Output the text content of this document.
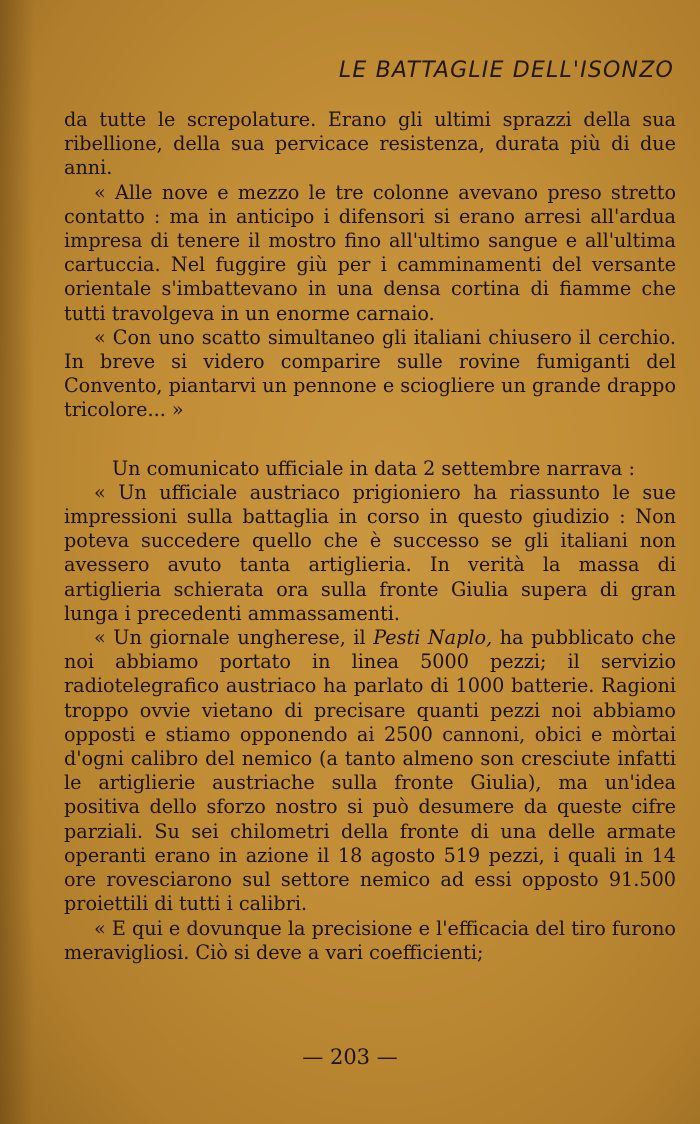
LE BATTAGLIE DELL'ISONZO

da tutte le screpolature. Erano gli ultimi sprazzi della sua ribellione, della sua pervicace resistenza, durata più di due anni.

« Alle nove e mezzo le tre colonne avevano preso stretto contatto : ma in anticipo i difensori si erano arresi all'ardua impresa di tenere il mostro fino all'ultimo sangue e all'ultima cartuccia. Nel fuggire giù per i camminamenti del versante orientale s'imbattevano in una densa cortina di fiamme che tutti travolgeva in un enorme carnaio.

« Con uno scatto simultaneo gli italiani chiusero il cerchio. In breve si videro comparire sulle rovine fumiganti del Convento, piantarvi un pennone e sciogliere un grande drappo tricolore... »

Un comunicato ufficiale in data 2 settembre narrava :

« Un ufficiale austriaco prigioniero ha riassunto le sue impressioni sulla battaglia in corso in questo giudizio : Non poteva succedere quello che è successo se gli italiani non avessero avuto tanta artiglieria. In verità la massa di artiglieria schierata ora sulla fronte Giulia supera di gran lunga i precedenti ammassamenti.

« Un giornale ungherese, il Pesti Naplo, ha pubblicato che noi abbiamo portato in linea 5000 pezzi; il servizio radiotelegrafico austriaco ha parlato di 1000 batterie. Ragioni troppo ovvie vietano di precisare quanti pezzi noi abbiamo opposti e stiamo opponendo ai 2500 cannoni, obici e mòrtai d'ogni calibro del nemico (a tanto almeno son cresciute infatti le artiglierie austriache sulla fronte Giulia), ma un'idea positiva dello sforzo nostro si può desumere da queste cifre parziali. Su sei chilometri della fronte di una delle armate operanti erano in azione il 18 agosto 519 pezzi, i quali in 14 ore rovesciarono sul settore nemico ad essi opposto 91.500 proiettili di tutti i calibri.

« E qui e dovunque la precisione e l'efficacia del tiro furono meravigliosi. Ciò si deve a vari coefficienti;

— 203 —
